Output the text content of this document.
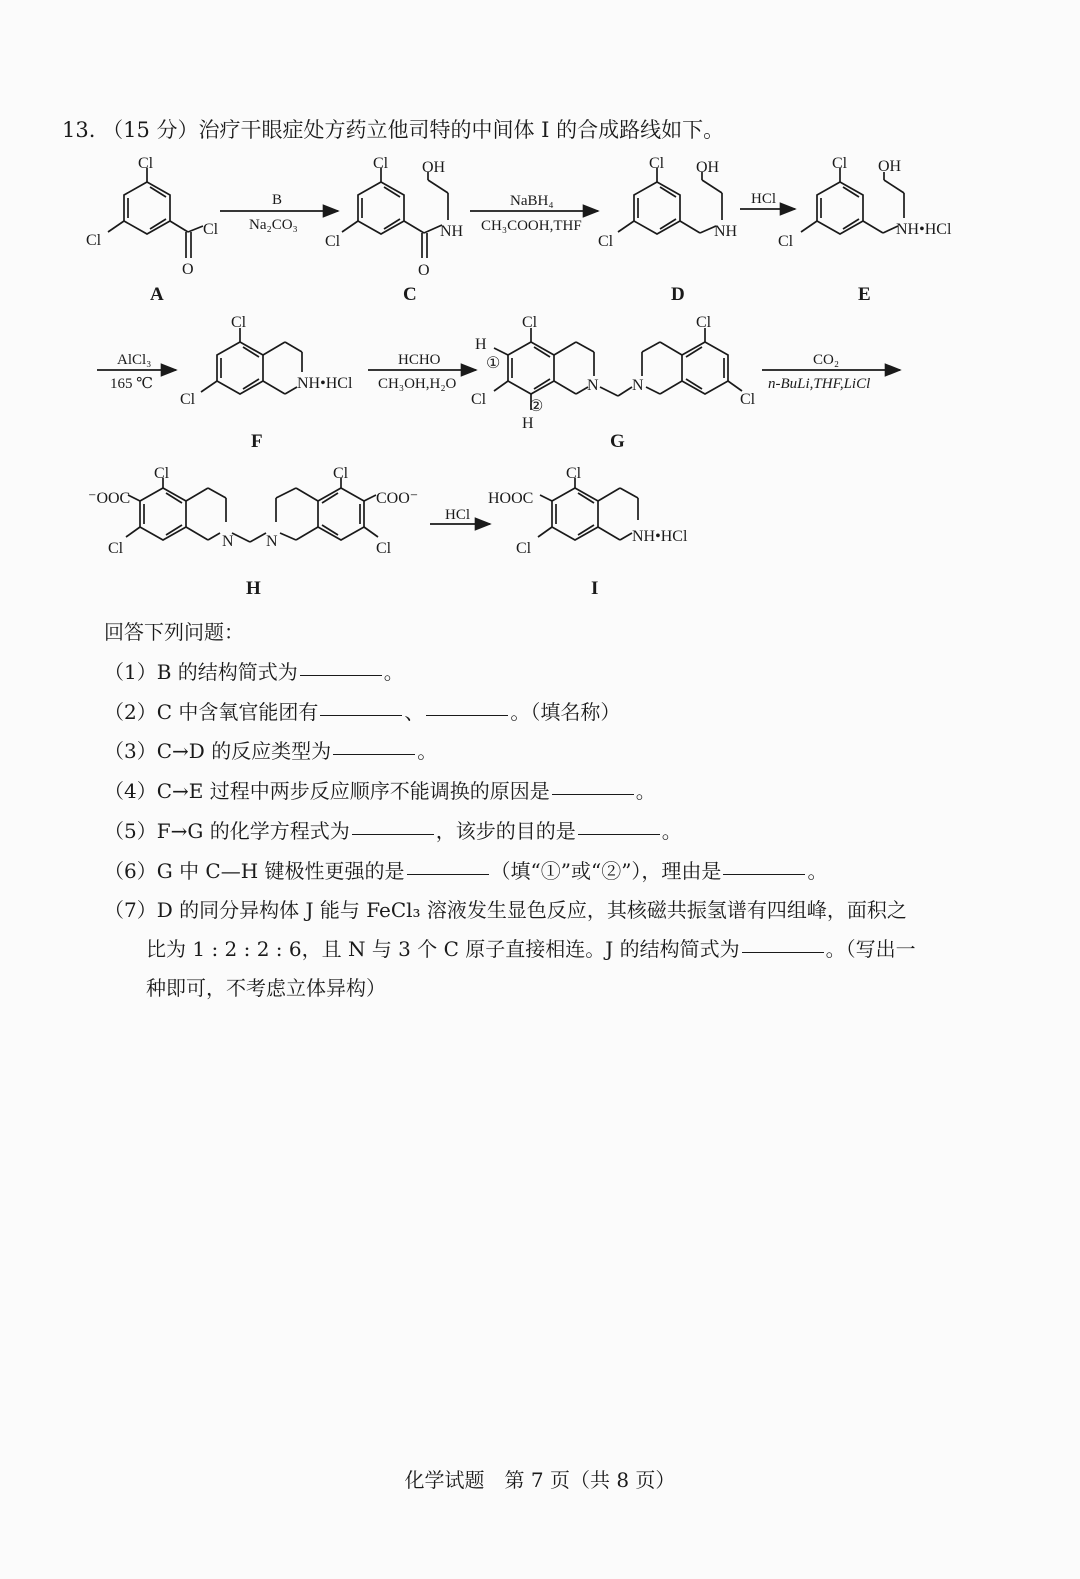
13. （15 分）治疗干眼症处方药立他司特的中间体 I 的合成路线如下。
Cl
Cl
Cl
O
A
B
Na₂CO₃
Cl
Cl
OH
NH
O
C
NaBH₄
CH₃COOH,THF
Cl
Cl
OH
NH
D
HCl
Cl
Cl
OH
NH•HCl
E
AlCl₃
165 ℃
Cl
Cl
NH•HCl
F
HCHO
CH₃OH,H₂O
Cl
Cl
H
①
②
H
N N
Cl
Cl
G
CO₂
n-BuLi,THF,LiCl
Cl
⁻OOC
Cl	N N
Cl
COO⁻
Cl
H
HCl
Cl
HOOC
Cl
NH•HCl
I
回答下列问题：
（1）B 的结构简式为	。
（2）C 中含氧官能团有	、	。（填名称）
（3）C→D 的反应类型为	。
（4）C→E 过程中两步反应顺序不能调换的原因是	。
（5）F→G 的化学方程式为	，该步的目的是	。
（6）G 中 C—H 键极性更强的是	（填“①”或“②”），理由是	。
（7）D 的同分异构体 J 能与 FeCl₃ 溶液发生显色反应，其核磁共振氢谱有四组峰，面积之
比为 1 : 2 : 2 : 6，且 N 与 3 个 C 原子直接相连。J 的结构简式为	。（写出一
种即可，不考虑立体异构）
化学试题　第 7 页（共 8 页）
